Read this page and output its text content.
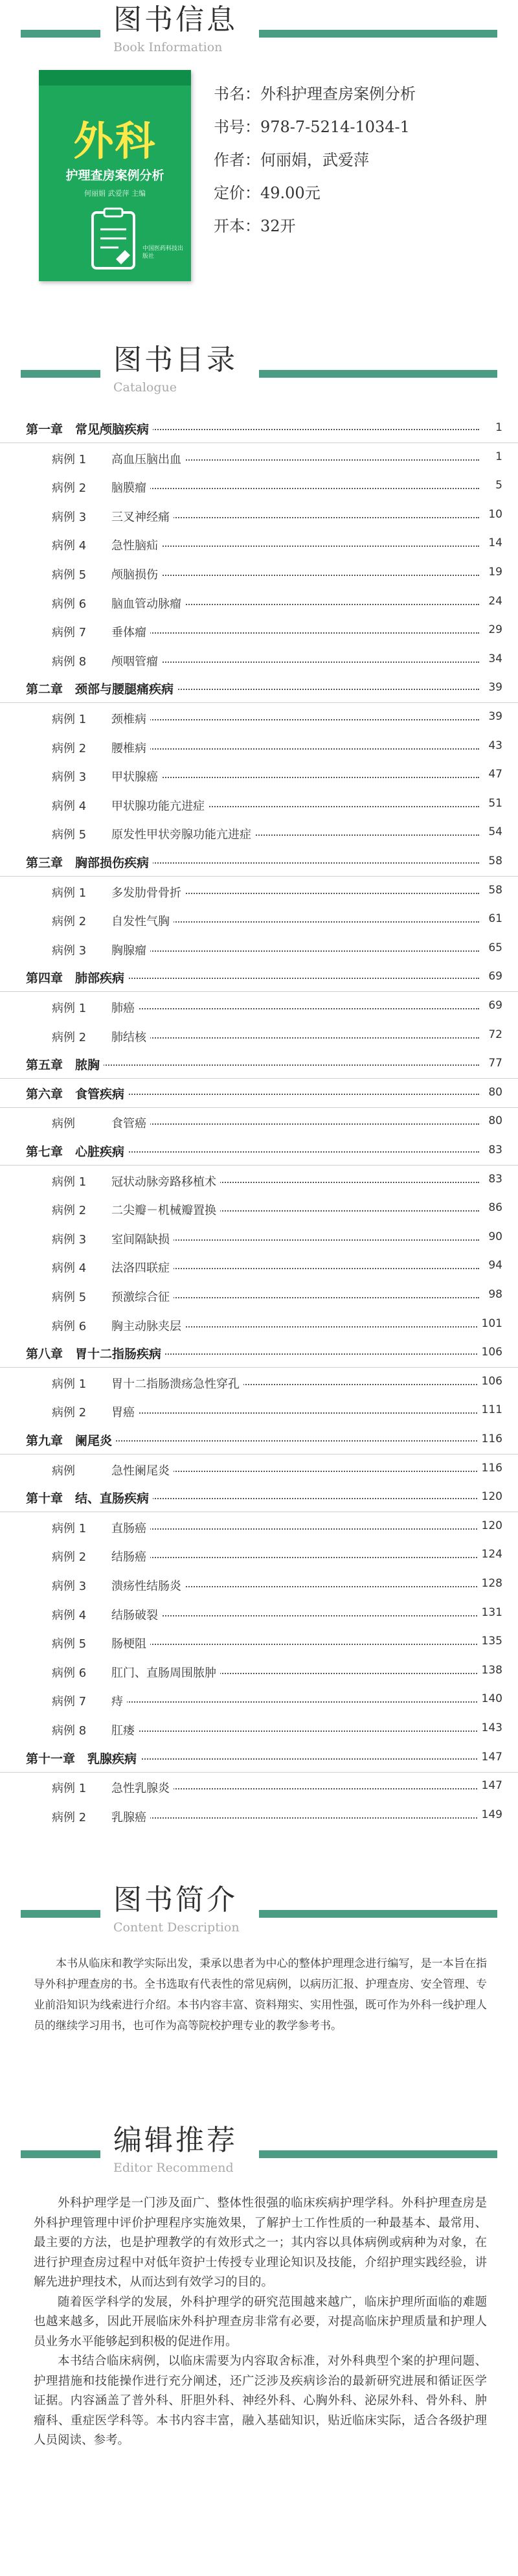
图书信息
Book Information
外科
护理查房案例分析
何丽娟 武爱萍 主编
中国医药科技出版社
书名：外科护理查房案例分析
书号：978-7-5214-1034-1
作者：何丽娟，武爱萍
定价：49.00元
开本：32开
图书目录
Catalogue
第一章　常见颅脑疾病	1
病例 1 高血压脑出血	1
病例 2 脑膜瘤	5
病例 3 三叉神经痛	10
病例 4 急性脑疝	14
病例 5 颅脑损伤	19
病例 6 脑血管动脉瘤	24
病例 7 垂体瘤	29
病例 8 颅咽管瘤	34
第二章　颈部与腰腿痛疾病	39
病例 1 颈椎病	39
病例 2 腰椎病	43
病例 3 甲状腺癌	47
病例 4 甲状腺功能亢进症	51
病例 5 原发性甲状旁腺功能亢进症	54
第三章　胸部损伤疾病	58
病例 1 多发肋骨骨折	58
病例 2 自发性气胸	61
病例 3 胸腺瘤	65
第四章　肺部疾病	69
病例 1 肺癌	69
病例 2 肺结核	72
第五章　脓胸	77
第六章　食管疾病	80
病例	食管癌	80
第七章　心脏疾病	83
病例 1 冠状动脉旁路移植术	83
病例 2 二尖瓣－机械瓣置换	86
病例 3 室间隔缺损	90
病例 4 法洛四联症	94
病例 5 预激综合征	98
病例 6 胸主动脉夹层	101
第八章　胃十二指肠疾病	106
病例 1 胃十二指肠溃疡急性穿孔	106
病例 2 胃癌	111
第九章　阑尾炎	116
病例	急性阑尾炎	116
第十章　结、直肠疾病	120
病例 1 直肠癌	120
病例 2 结肠癌	124
病例 3 溃疡性结肠炎	128
病例 4 结肠破裂	131
病例 5 肠梗阻	135
病例 6 肛门、直肠周围脓肿	138
病例 7 痔	140
病例 8 肛瘘	143
第十一章　乳腺疾病	147
病例 1 急性乳腺炎	147
病例 2 乳腺癌	149
图书简介
Content Description
本书从临床和教学实际出发，秉承以患者为中心的整体护理理念进行编写，是一本旨在指导外科护理查房的书。全书选取有代表性的常见病例，以病历汇报、护理查房、安全管理、专业前沿知识为线索进行介绍。本书内容丰富、资料翔实、实用性强，既可作为外科一线护理人员的继续学习用书，也可作为高等院校护理专业的教学参考书。
编辑推荐
Editor Recommend

外科护理学是一门涉及面广、整体性很强的临床疾病护理学科。外科护理查房是外科护理管理中评价护理程序实施效果，了解护士工作性质的一种最基本、最常用、最主要的方法，也是护理教学的有效形式之一；其内容以具体病例或病种为对象，在进行护理查房过程中对低年资护士传授专业理论知识及技能，介绍护理实践经验，讲解先进护理技术，从而达到有效学习的目的。

随着医学科学的发展，外科护理学的研究范围越来越广，临床护理所面临的难题也越来越多，因此开展临床外科护理查房非常有必要，对提高临床护理质量和护理人员业务水平能够起到积极的促进作用。

本书结合临床病例，以临床需要为内容取舍标准，对外科典型个案的护理问题、护理措施和技能操作进行充分阐述，还广泛涉及疾病诊治的最新研究进展和循证医学证据。内容涵盖了普外科、肝胆外科、神经外科、心胸外科、泌尿外科、骨外科、肿瘤科、重症医学科等。本书内容丰富，融入基础知识，贴近临床实际，适合各级护理人员阅读、参考。
